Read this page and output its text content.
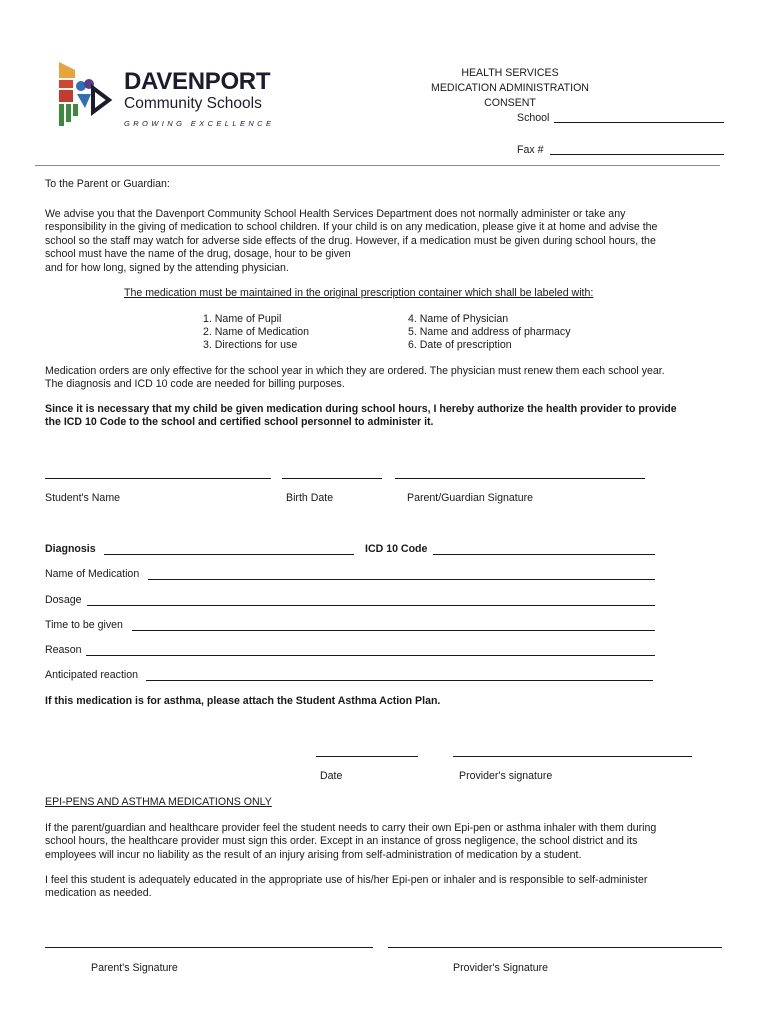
DAVENPORT
Community Schools
GROWING EXCELLENCE
HEALTH SERVICES
MEDICATION ADMINISTRATION
CONSENT
School
Fax #
To the Parent or Guardian:
We advise you that the Davenport Community School Health Services Department does not normally administer or take any
responsibility in the giving of medication to school children. If your child is on any medication, please give it at home and advise the
school so the staff may watch for adverse side effects of the drug. However, if a medication must be given during school hours, the
school must have the name of the drug, dosage, hour to be given
and for how long, signed by the attending physician.
The medication must be maintained in the original prescription container which shall be labeled with:
1. Name of Pupil
2. Name of Medication
3. Directions for use
4. Name of Physician
5. Name and address of pharmacy
6. Date of prescription
Medication orders are only effective for the school year in which they are ordered. The physician must renew them each school year.
The diagnosis and ICD 10 code are needed for billing purposes.
Since it is necessary that my child be given medication during school hours, I hereby authorize the health provider to provide
the ICD 10 Code to the school and certified school personnel to administer it.
Student's Name	Birth Date	Parent/Guardian Signature
Diagnosis	ICD 10 Code
Name of Medication
Dosage
Time to be given
Reason
Anticipated reaction
If this medication is for asthma, please attach the Student Asthma Action Plan.
Date	Provider's signature
EPI-PENS AND ASTHMA MEDICATIONS ONLY
If the parent/guardian and healthcare provider feel the student needs to carry their own Epi-pen or asthma inhaler with them during
school hours, the healthcare provider must sign this order. Except in an instance of gross negligence, the school district and its
employees will incur no liability as the result of an injury arising from self-administration of medication by a student.
I feel this student is adequately educated in the appropriate use of his/her Epi-pen or inhaler and is responsible to self-administer
medication as needed.
Parent's Signature	Provider's Signature
